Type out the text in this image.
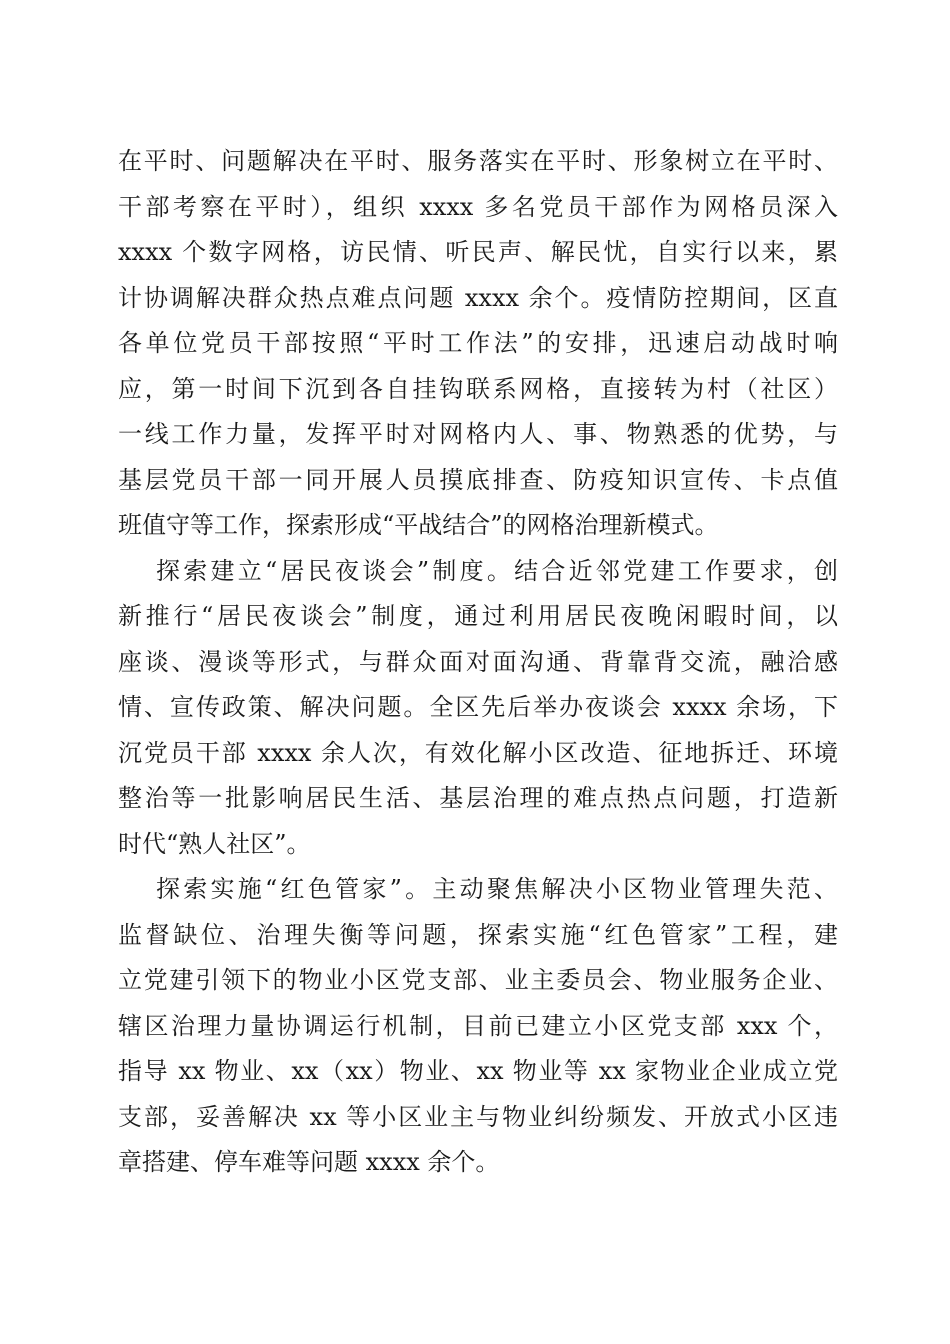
在平时、问题解决在平时、服务落实在平时、形象树立在平时、
干部考察在平时），组织 xxxx 多名党员干部作为网格员深入
xxxx 个数字网格，访民情、听民声、解民忧，自实行以来，累
计协调解决群众热点难点问题 xxxx 余个。疫情防控期间，区直
各单位党员干部按照“平时工作法”的安排，迅速启动战时响
应，第一时间下沉到各自挂钩联系网格，直接转为村（社区）
一线工作力量，发挥平时对网格内人、事、物熟悉的优势，与
基层党员干部一同开展人员摸底排查、防疫知识宣传、卡点值
班值守等工作，探索形成“平战结合”的网格治理新模式。
探索建立“居民夜谈会”制度。结合近邻党建工作要求，创
新推行“居民夜谈会”制度，通过利用居民夜晚闲暇时间，以
座谈、漫谈等形式，与群众面对面沟通、背靠背交流，融洽感
情、宣传政策、解决问题。全区先后举办夜谈会 xxxx 余场，下
沉党员干部 xxxx 余人次，有效化解小区改造、征地拆迁、环境
整治等一批影响居民生活、基层治理的难点热点问题，打造新
时代“熟人社区”。
探索实施“红色管家”。主动聚焦解决小区物业管理失范、
监督缺位、治理失衡等问题，探索实施“红色管家”工程，建
立党建引领下的物业小区党支部、业主委员会、物业服务企业、
辖区治理力量协调运行机制，目前已建立小区党支部 xxx 个，
指导 xx 物业、xx（xx）物业、xx 物业等 xx 家物业企业成立党
支部，妥善解决 xx 等小区业主与物业纠纷频发、开放式小区违
章搭建、停车难等问题 xxxx 余个。
